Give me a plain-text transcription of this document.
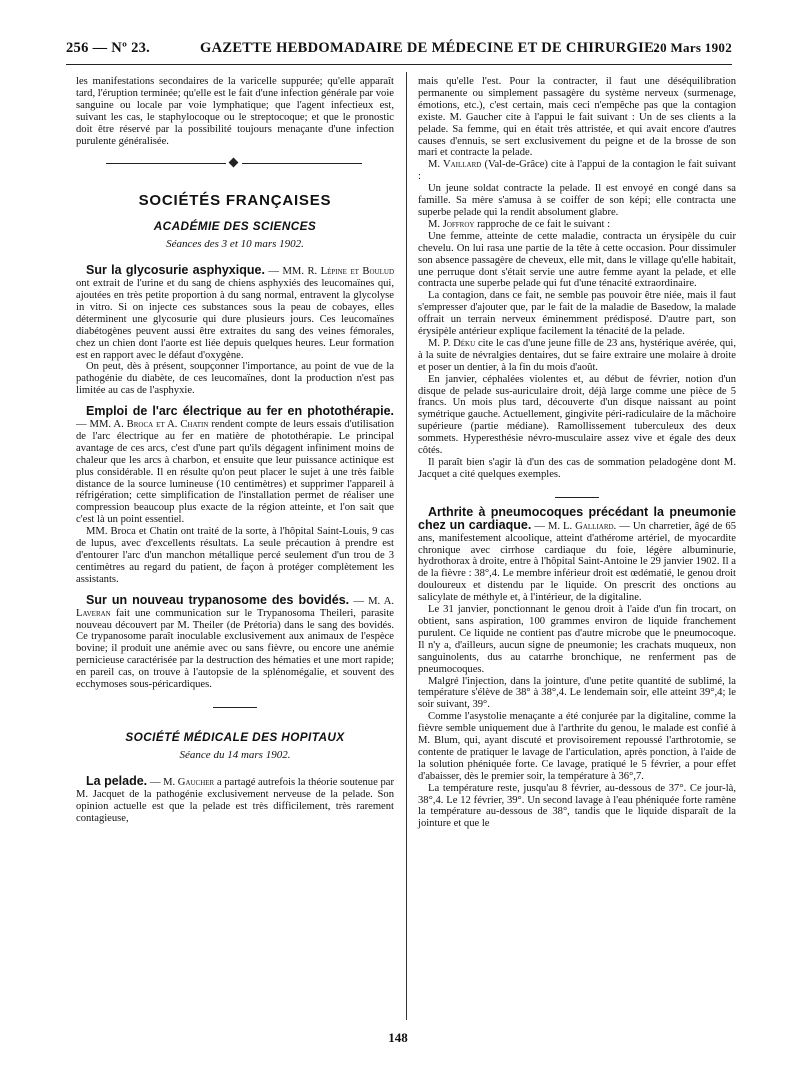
256 — Nº 23.	GAZETTE HEBDOMADAIRE DE MÉDECINE ET DE CHIRURGIE.
20 Mars 1902

les manifestations secondaires de la varicelle suppurée; qu'elle apparaît tard, l'éruption terminée; qu'elle est le fait d'une infection générale par voie sanguine ou locale par voie lymphatique; que l'agent infectieux est, suivant les cas, le staphylocoque ou le streptocoque; et que le pronostic doit être réservé par la possibilité toujours menaçante d'une infection purulente généralisée.

SOCIÉTÉS FRANÇAISES
ACADÉMIE DES SCIENCES
Séances des 3 et 10 mars 1902.

Sur la glycosurie asphyxique. — MM. R. Lépine et Boulud ont extrait de l'urine et du sang de chiens asphyxiés des leucomaïnes qui, ajoutées en très petite proportion à du sang normal, entravent la glycolyse in vitro. Si on injecte ces substances sous la peau de cobayes, elles déterminent une glycosurie qui dure plusieurs jours. Ces leucomaïnes diabétogènes peuvent aussi être extraites du sang des veines fémorales, chez un chien dont l'aorte est liée depuis quelques heures. Leur formation est en rapport avec le défaut d'oxygène.

On peut, dès à présent, soupçonner l'importance, au point de vue de la pathogénie du diabète, de ces leucomaïnes, dont la production n'est pas limitée au cas de l'asphyxie.

Emploi de l'arc électrique au fer en photothérapie. — MM. A. Broca et A. Chatin rendent compte de leurs essais d'utilisation de l'arc électrique au fer en matière de photothérapie. Le principal avantage de ces arcs, c'est d'une part qu'ils dégagent infiniment moins de chaleur que les arcs à charbon, et ensuite que leur puissance actinique est plus considérable. Il en résulte qu'on peut placer le sujet à une très faible distance de la source lumineuse (10 centimètres) et supprimer l'appareil à réfrigération; cette simplification de l'installation permet de réaliser une compression beaucoup plus exacte de la région atteinte, et l'on sait que c'est là un point essentiel.

MM. Broca et Chatin ont traité de la sorte, à l'hôpital Saint-Louis, 9 cas de lupus, avec d'excellents résultats. La seule précaution à prendre est d'entourer l'arc d'un manchon métallique percé seulement d'un trou de 3 centimètres au regard du patient, de façon à protéger complètement les assistants.

Sur un nouveau trypanosome des bovidés. — M. A. Laveran fait une communication sur le Trypanosoma Theileri, parasite nouveau découvert par M. Theiler (de Prétoria) dans le sang des bovidés. Ce trypanosome paraît inoculable exclusivement aux animaux de l'espèce bovine; il produit une anémie avec ou sans fièvre, ou encore une anémie pernicieuse caractérisée par la destruction des hématies et une mort rapide; en pareil cas, on trouve à l'autopsie de la splénomégalie, et souvent des ecchymoses sous-péricardiques.

SOCIÉTÉ MÉDICALE DES HOPITAUX
Séance du 14 mars 1902.

La pelade. — M. Gaucher a partagé autrefois la théorie soutenue par M. Jacquet de la pathogénie exclusivement nerveuse de la pelade. Son opinion actuelle est que la pelade est très difficilement, très rarement contagieuse,

mais qu'elle l'est. Pour la contracter, il faut une déséquilibration permanente ou simplement passagère du système nerveux (surmenage, émotions, etc.), c'est certain, mais ceci n'empêche pas que la contagion existe. M. Gaucher cite à l'appui le fait suivant : Un de ses clients a la pelade. Sa femme, qui en était très attristée, et qui avait encore d'autres causes d'ennuis, se sert exclusivement du peigne et de la brosse de son mari et contracte la pelade.

M. Vaillard (Val-de-Grâce) cite à l'appui de la contagion le fait suivant :

Un jeune soldat contracte la pelade. Il est envoyé en congé dans sa famille. Sa mère s'amusa à se coiffer de son képi; elle contracta une superbe pelade qui la rendit absolument glabre.

M. Joffroy rapproche de ce fait le suivant :

Une femme, atteinte de cette maladie, contracta un érysipèle du cuir chevelu. On lui rasa une partie de la tête à cette occasion. Pour dissimuler son absence passagère de cheveux, elle mit, dans le village qu'elle habitait, une perruque dont s'était servie une autre femme ayant la pelade, et elle contracta une superbe pelade qui fut d'une ténacité extraordinaire.

La contagion, dans ce fait, ne semble pas pouvoir être niée, mais il faut s'empresser d'ajouter que, par le fait de la maladie de Basedow, la malade offrait un terrain nerveux éminemment prédisposé. D'autre part, son érysipèle antérieur explique facilement la ténacité de la pelade.

M. P. Déku cite le cas d'une jeune fille de 23 ans, hystérique avérée, qui, à la suite de névralgies dentaires, dut se faire extraire une molaire à droite et poser un dentier, à la fin du mois d'août.

En janvier, céphalées violentes et, au début de février, notion d'un disque de pelade sus-auriculaire droit, déjà large comme une pièce de 5 francs. Un mois plus tard, découverte d'un disque naissant au point symétrique gauche. Actuellement, gingivite péri-radiculaire de la mâchoire supérieure (partie médiane). Ramollissement tuberculeux des deux sommets. Hyperesthésie névro-musculaire assez vive et égale des deux côtés.

Il paraît bien s'agir là d'un des cas de sommation peladogène dont M. Jacquet a cité quelques exemples.

Arthrite à pneumocoques précédant la pneumonie chez un cardiaque. — M. L. Galliard. — Un charretier, âgé de 65 ans, manifestement alcoolique, atteint d'athérome artériel, de myocardite chronique avec cirrhose cardiaque du foie, légère albuminurie, hydrothorax à droite, entre à l'hôpital Saint-Antoine le 29 janvier 1902. Il a de la fièvre : 38°,4. Le membre inférieur droit est œdématié, le genou droit douloureux et distendu par le liquide. On prescrit des onctions au salicylate de méthyle et, à l'intérieur, de la digitaline.

Le 31 janvier, ponctionnant le genou droit à l'aide d'un fin trocart, on obtient, sans aspiration, 100 grammes environ de liquide franchement purulent. Ce liquide ne contient pas d'autre microbe que le pneumocoque. Il n'y a, d'ailleurs, aucun signe de pneumonie; les crachats muqueux, non sanguinolents, dus au catarrhe bronchique, ne renferment pas de pneumocoques.

Malgré l'injection, dans la jointure, d'une petite quantité de sublimé, la température s'élève de 38° à 38°,4. Le lendemain soir, elle atteint 39°,4; le soir suivant, 39°.

Comme l'asystolie menaçante a été conjurée par la digitaline, comme la fièvre semble uniquement due à l'arthrite du genou, le malade est confié à M. Blum, qui, ayant discuté et provisoirement repoussé l'arthrotomie, se contente de pratiquer le lavage de l'articulation, après ponction, à l'aide de la solution phéniquée forte. Ce lavage, pratiqué le 5 février, a pour effet d'abaisser, dès le premier soir, la température à 36°,7.

La température reste, jusqu'au 8 février, au-dessous de 37°. Ce jour-là, 38°,4. Le 12 février, 39°. Un second lavage à l'eau phéniquée forte ramène la température au-dessous de 38°, tandis que le liquide disparaît de la jointure et que le

148
